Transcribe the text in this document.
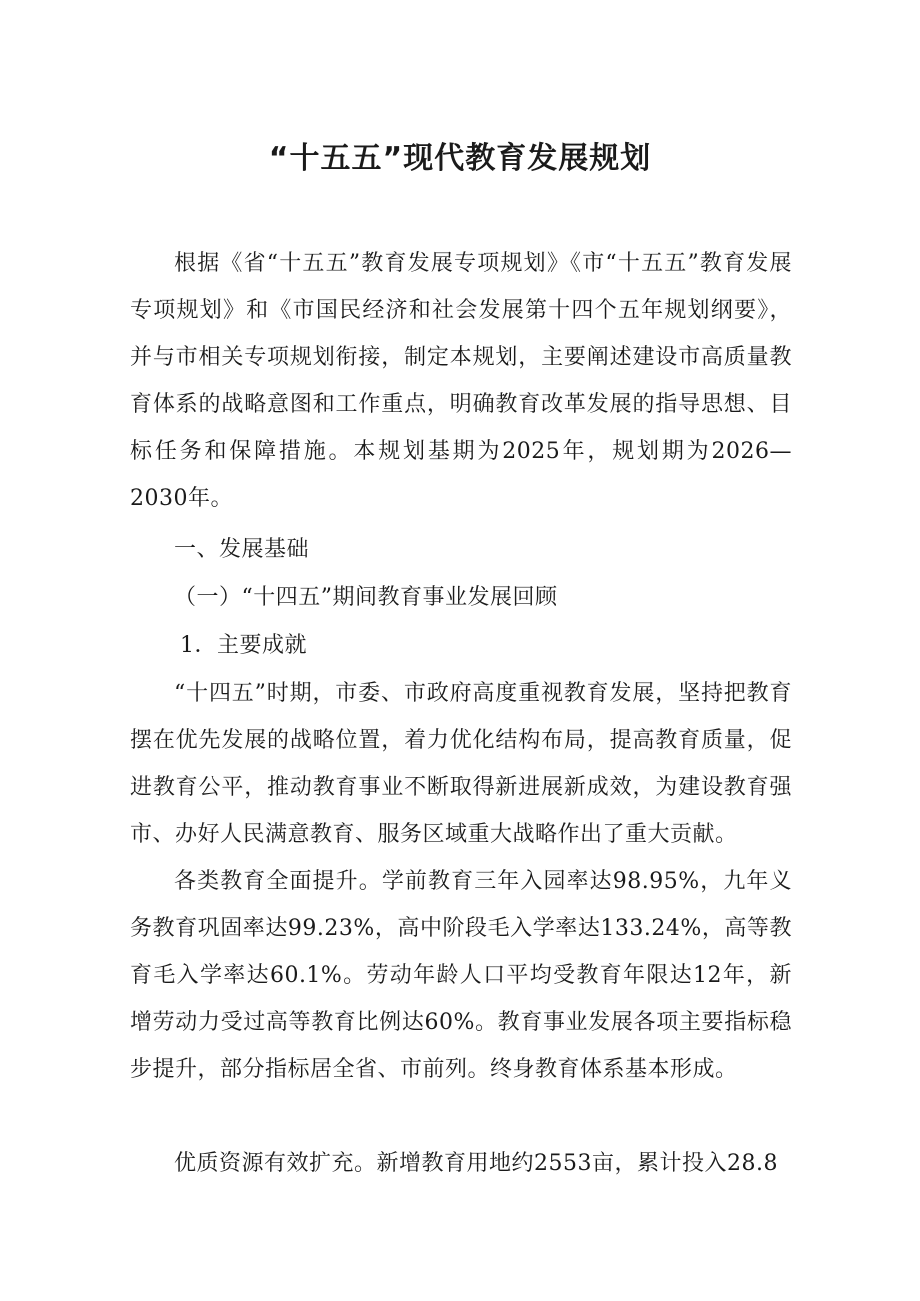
“十五五”现代教育发展规划

根据《省“十五五”教育发展专项规划》《市“十五五”教育发展专项规划》和《市国民经济和社会发展第十四个五年规划纲要》，并与市相关专项规划衔接，制定本规划，主要阐述建设市高质量教育体系的战略意图和工作重点，明确教育改革发展的指导思想、目标任务和保障措施。本规划基期为2025年，规划期为2026—2030年。

一、发展基础

（一）“十四五”期间教育事业发展回顾

1．主要成就

“十四五”时期，市委、市政府高度重视教育发展，坚持把教育摆在优先发展的战略位置，着力优化结构布局，提高教育质量，促进教育公平，推动教育事业不断取得新进展新成效，为建设教育强市、办好人民满意教育、服务区域重大战略作出了重大贡献。

各类教育全面提升。学前教育三年入园率达98.95%，九年义务教育巩固率达99.23%，高中阶段毛入学率达133.24%，高等教育毛入学率达60.1%。劳动年龄人口平均受教育年限达12年，新增劳动力受过高等教育比例达60%。教育事业发展各项主要指标稳步提升，部分指标居全省、市前列。终身教育体系基本形成。

优质资源有效扩充。新增教育用地约2553亩，累计投入28.8
